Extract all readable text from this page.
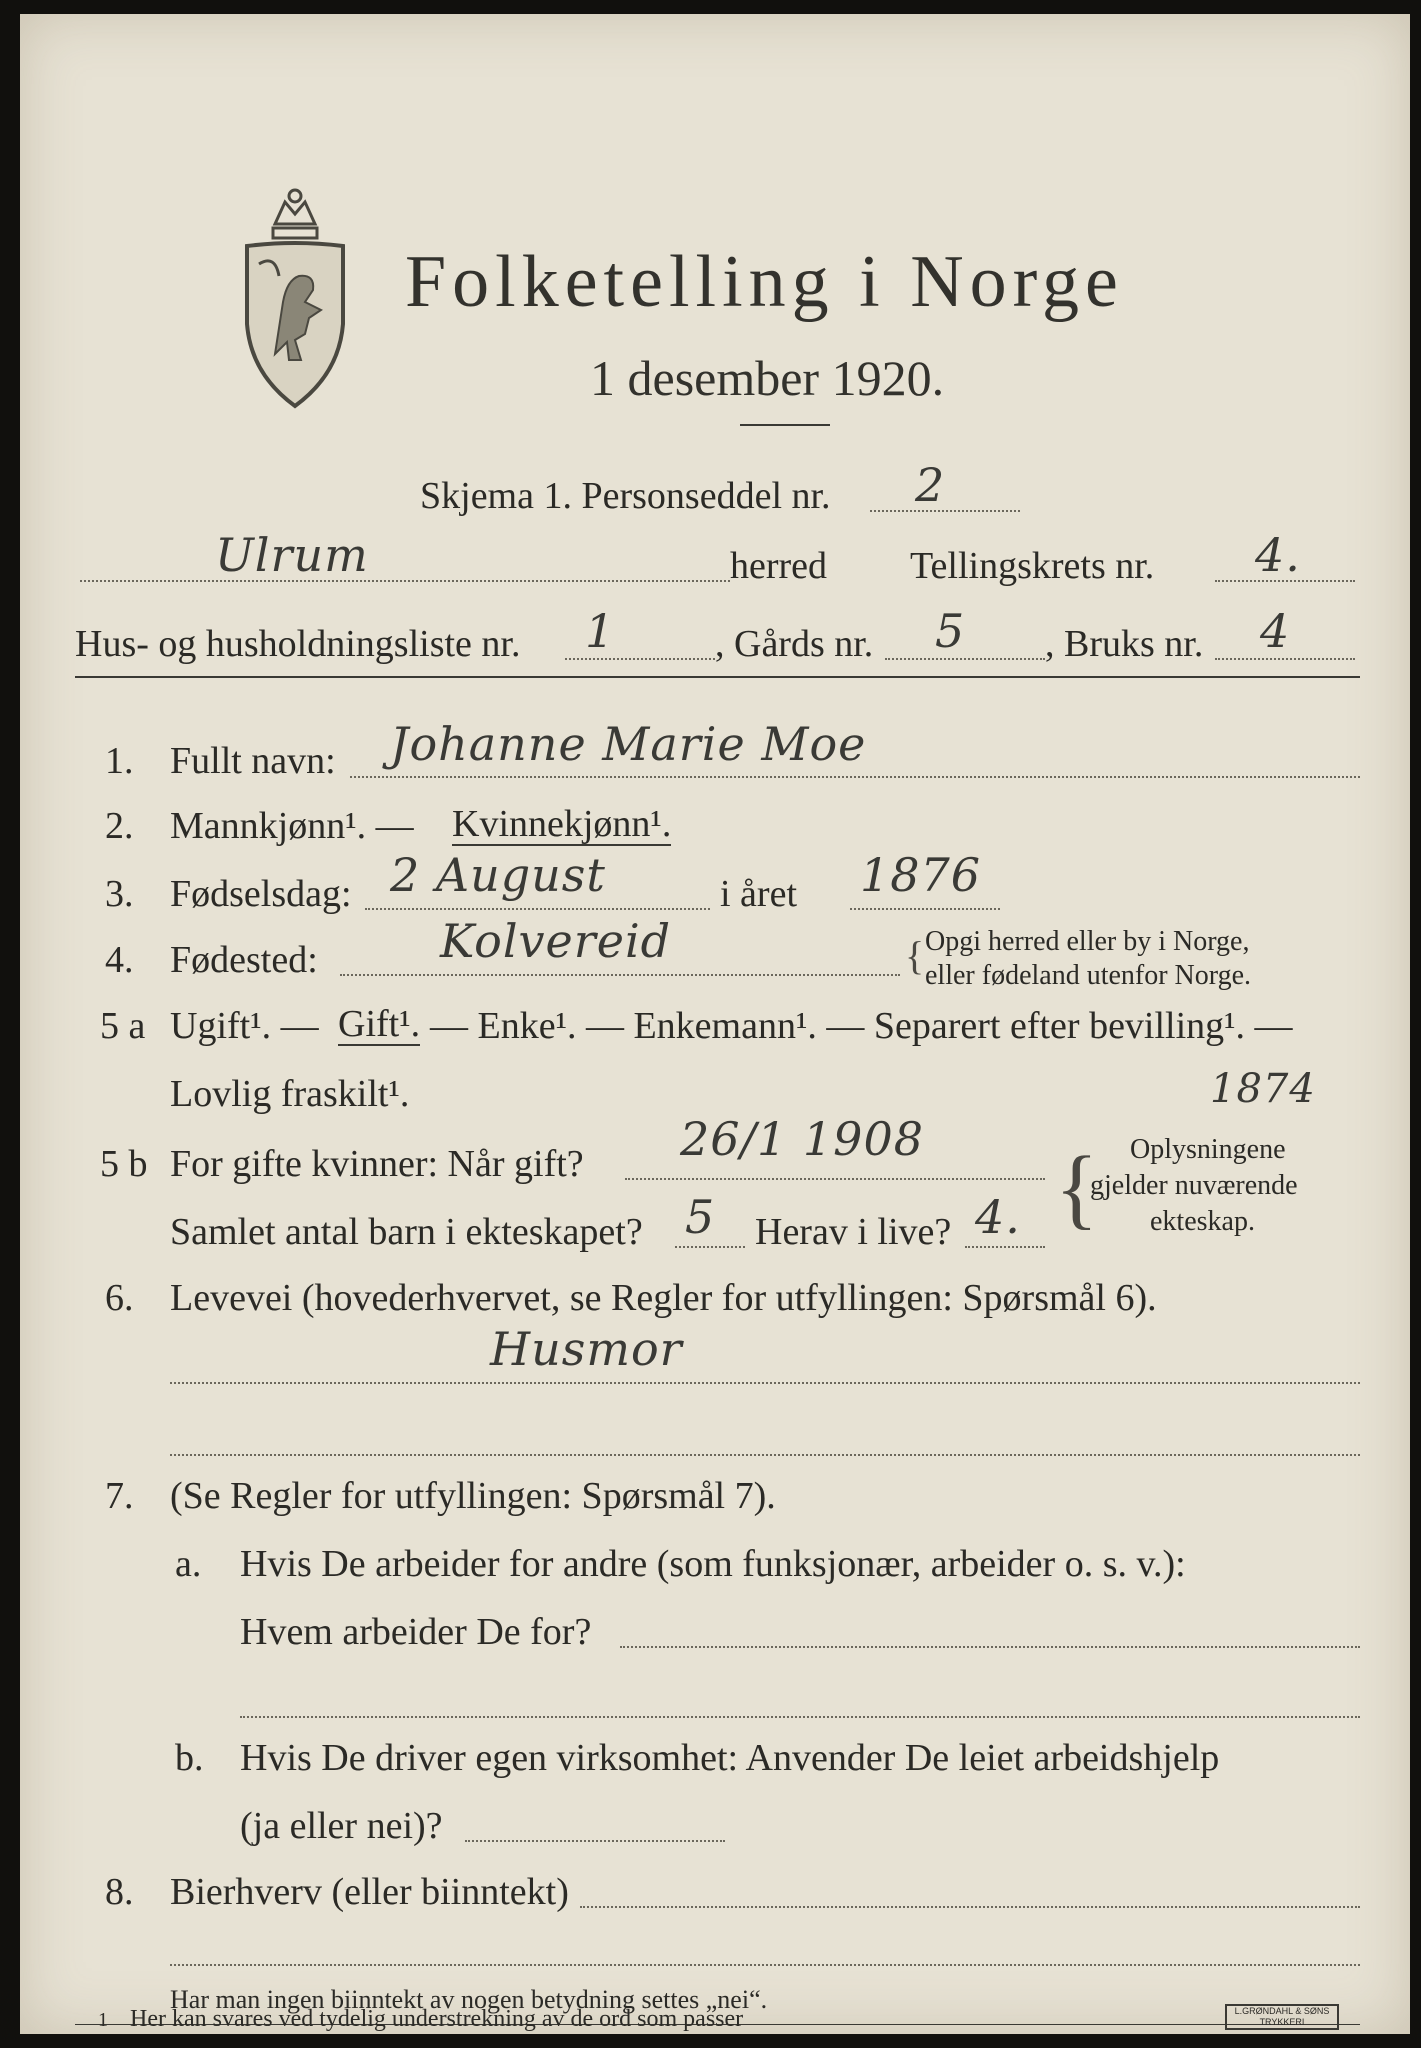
Folketelling i Norge
1 desember 1920.
Skjema 1. Personseddel nr. 2
Ulrum	herred Tellingskrets nr. 4.
Hus- og husholdningsliste nr. 1	, Gårds nr. 5 , Bruks nr. 4
1. Fullt navn: Johanne Marie Moe
2. Mannkjønn¹. — Kvinnekjønn¹.
3. Fødselsdag: 2 August	i året 1876
4. Fødested:	Kolvereid	{ Opgi herred eller by i Norge,
eller fødeland utenfor Norge.
5 a Ugift¹. — Gift¹. — Enke¹. — Enkemann¹. — Separert efter bevilling¹. —
Lovlig fraskilt¹.	1874
5 b For gifte kvinner: Når gift? 26/1 1908
Samlet antal barn i ekteskapet? 5 Herav i live? 4. { Oplysningene
gjelder nuværende
ekteskap.
6. Levevei (hovederhvervet, se Regler for utfyllingen: Spørsmål 6).
Husmor
7. (Se Regler for utfyllingen: Spørsmål 7).
a. Hvis De arbeider for andre (som funksjonær, arbeider o. s. v.):
Hvem arbeider De for?
b. Hvis De driver egen virksomhet: Anvender De leiet arbeidshjelp
(ja eller nei)?
8. Bierhverv (eller biinntekt)
Har man ingen biinntekt av nogen betydning settes „nei“.
1 Her kan svares ved tydelig understrekning av de ord som passer	L.GRØNDAHL & SØNS TRYKKERI
